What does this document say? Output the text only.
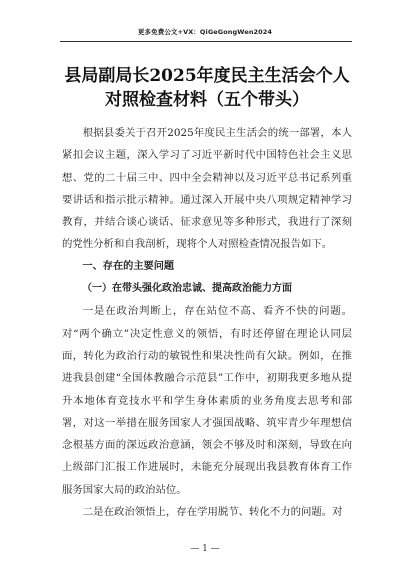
更多免费公文+VX：QiGeGongWen2024
县局副局长2025年度民主生活会个人对照检查材料（五个带头）

根据县委关于召开2025年度民主生活会的统一部署，本人紧扣会议主题，深入学习了习近平新时代中国特色社会主义思想、党的二十届三中、四中全会精神以及习近平总书记系列重要讲话和指示批示精神。通过深入开展中央八项规定精神学习教育，并结合谈心谈话、征求意见等多种形式，我进行了深刻的党性分析和自我剖析，现将个人对照检查情况报告如下。

一、存在的主要问题

（一）在带头强化政治忠诚、提高政治能力方面

一是在政治判断上，存在站位不高、看齐不快的问题。对“两个确立”决定性意义的领悟，有时还停留在理论认同层面，转化为政治行动的敏锐性和果决性尚有欠缺。例如，在推进我县创建“全国体教融合示范县”工作中，初期我更多地从提升本地体育竞技水平和学生身体素质的业务角度去思考和部署，对这一举措在服务国家人才强国战略、筑牢青少年理想信念根基方面的深远政治意涵，领会不够及时和深刻，导致在向上级部门汇报工作进展时，未能充分展现出我县教育体育工作服务国家大局的政治站位。

二是在政治领悟上，存在学用脱节、转化不力的问题。对

— 1 —
